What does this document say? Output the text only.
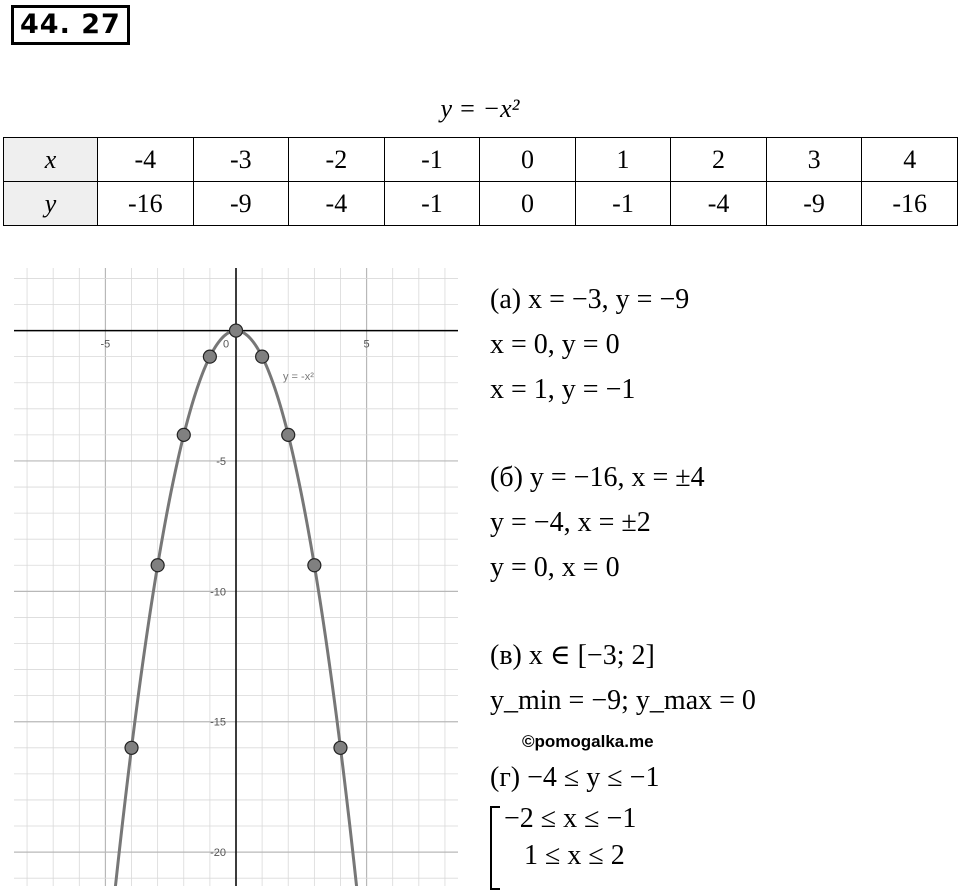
44. 27
y = −x²
x	-4	-3	-2	-1	0	1	2	3	4
y	-16	-9	-4	-1	0	-1	-4	-9	-16
-5	0	5
-5
-10
-15
-20
y = -x²
(а) x = −3, y = −9
x = 0, y = 0
x = 1, y = −1
(б) y = −16, x = ±4
y = −4, x = ±2
y = 0, x = 0
(в) x ∈ [−3; 2]
y_min = −9; y_max = 0
(г) −4 ≤ y ≤ −1
−2 ≤ x ≤ −1
1 ≤ x ≤ 2
©pomogalka.me
